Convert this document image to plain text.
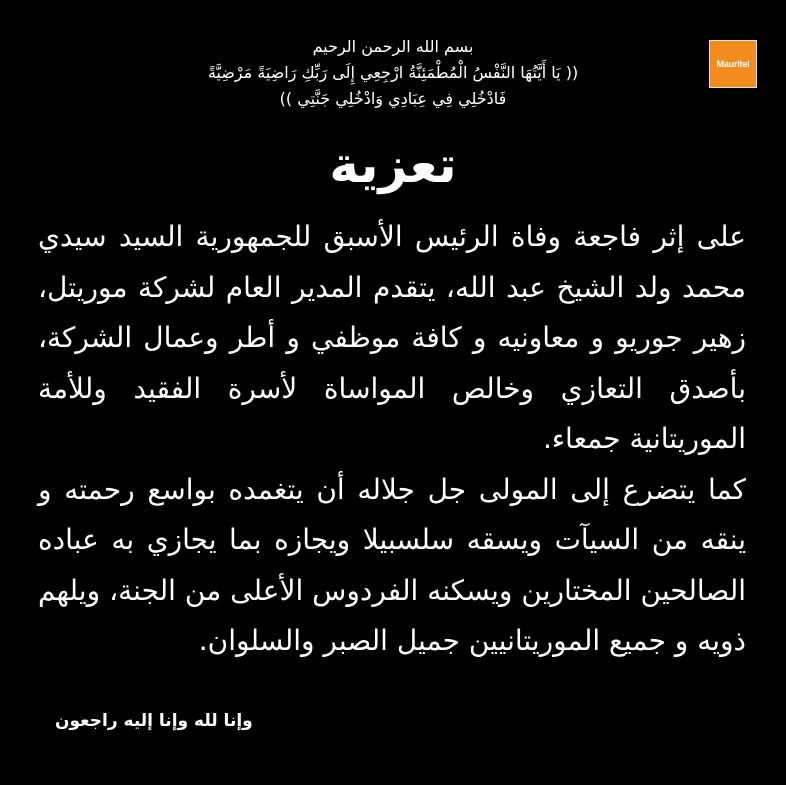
Mauritel
بسم الله الرحمن الرحيم
(( يَا أَيَّتُهَا النَّفْسُ الْمُطْمَئِنَّةُ ارْجِعِي إِلَى رَبِّكِ رَاضِيَةً مَرْضِيَّةً
فَادْخُلِي فِي عِبَادِي وَادْخُلِي جَنَّتِي ))
تعزية

على إثر فاجعة وفاة الرئيس الأسبق للجمهورية السيد سيدي محمد ولد الشيخ عبد الله، يتقدم المدير العام لشركة موريتل، زهير جوريو و معاونيه و كافة موظفي و أطر وعمال الشركة، بأصدق التعازي وخالص المواساة لأسرة الفقيد وللأمة الموريتانية جمعاء.

كما يتضرع إلى المولى جل جلاله أن يتغمده بواسع رحمته و ينقه من السيآت ويسقه سلسبيلا ويجازه بما يجازي به عباده الصالحين المختارين ويسكنه الفردوس الأعلى من الجنة، ويلهم ذويه و جميع الموريتانيين جميل الصبر والسلوان.

وإنا لله وإنا إليه راجعون
